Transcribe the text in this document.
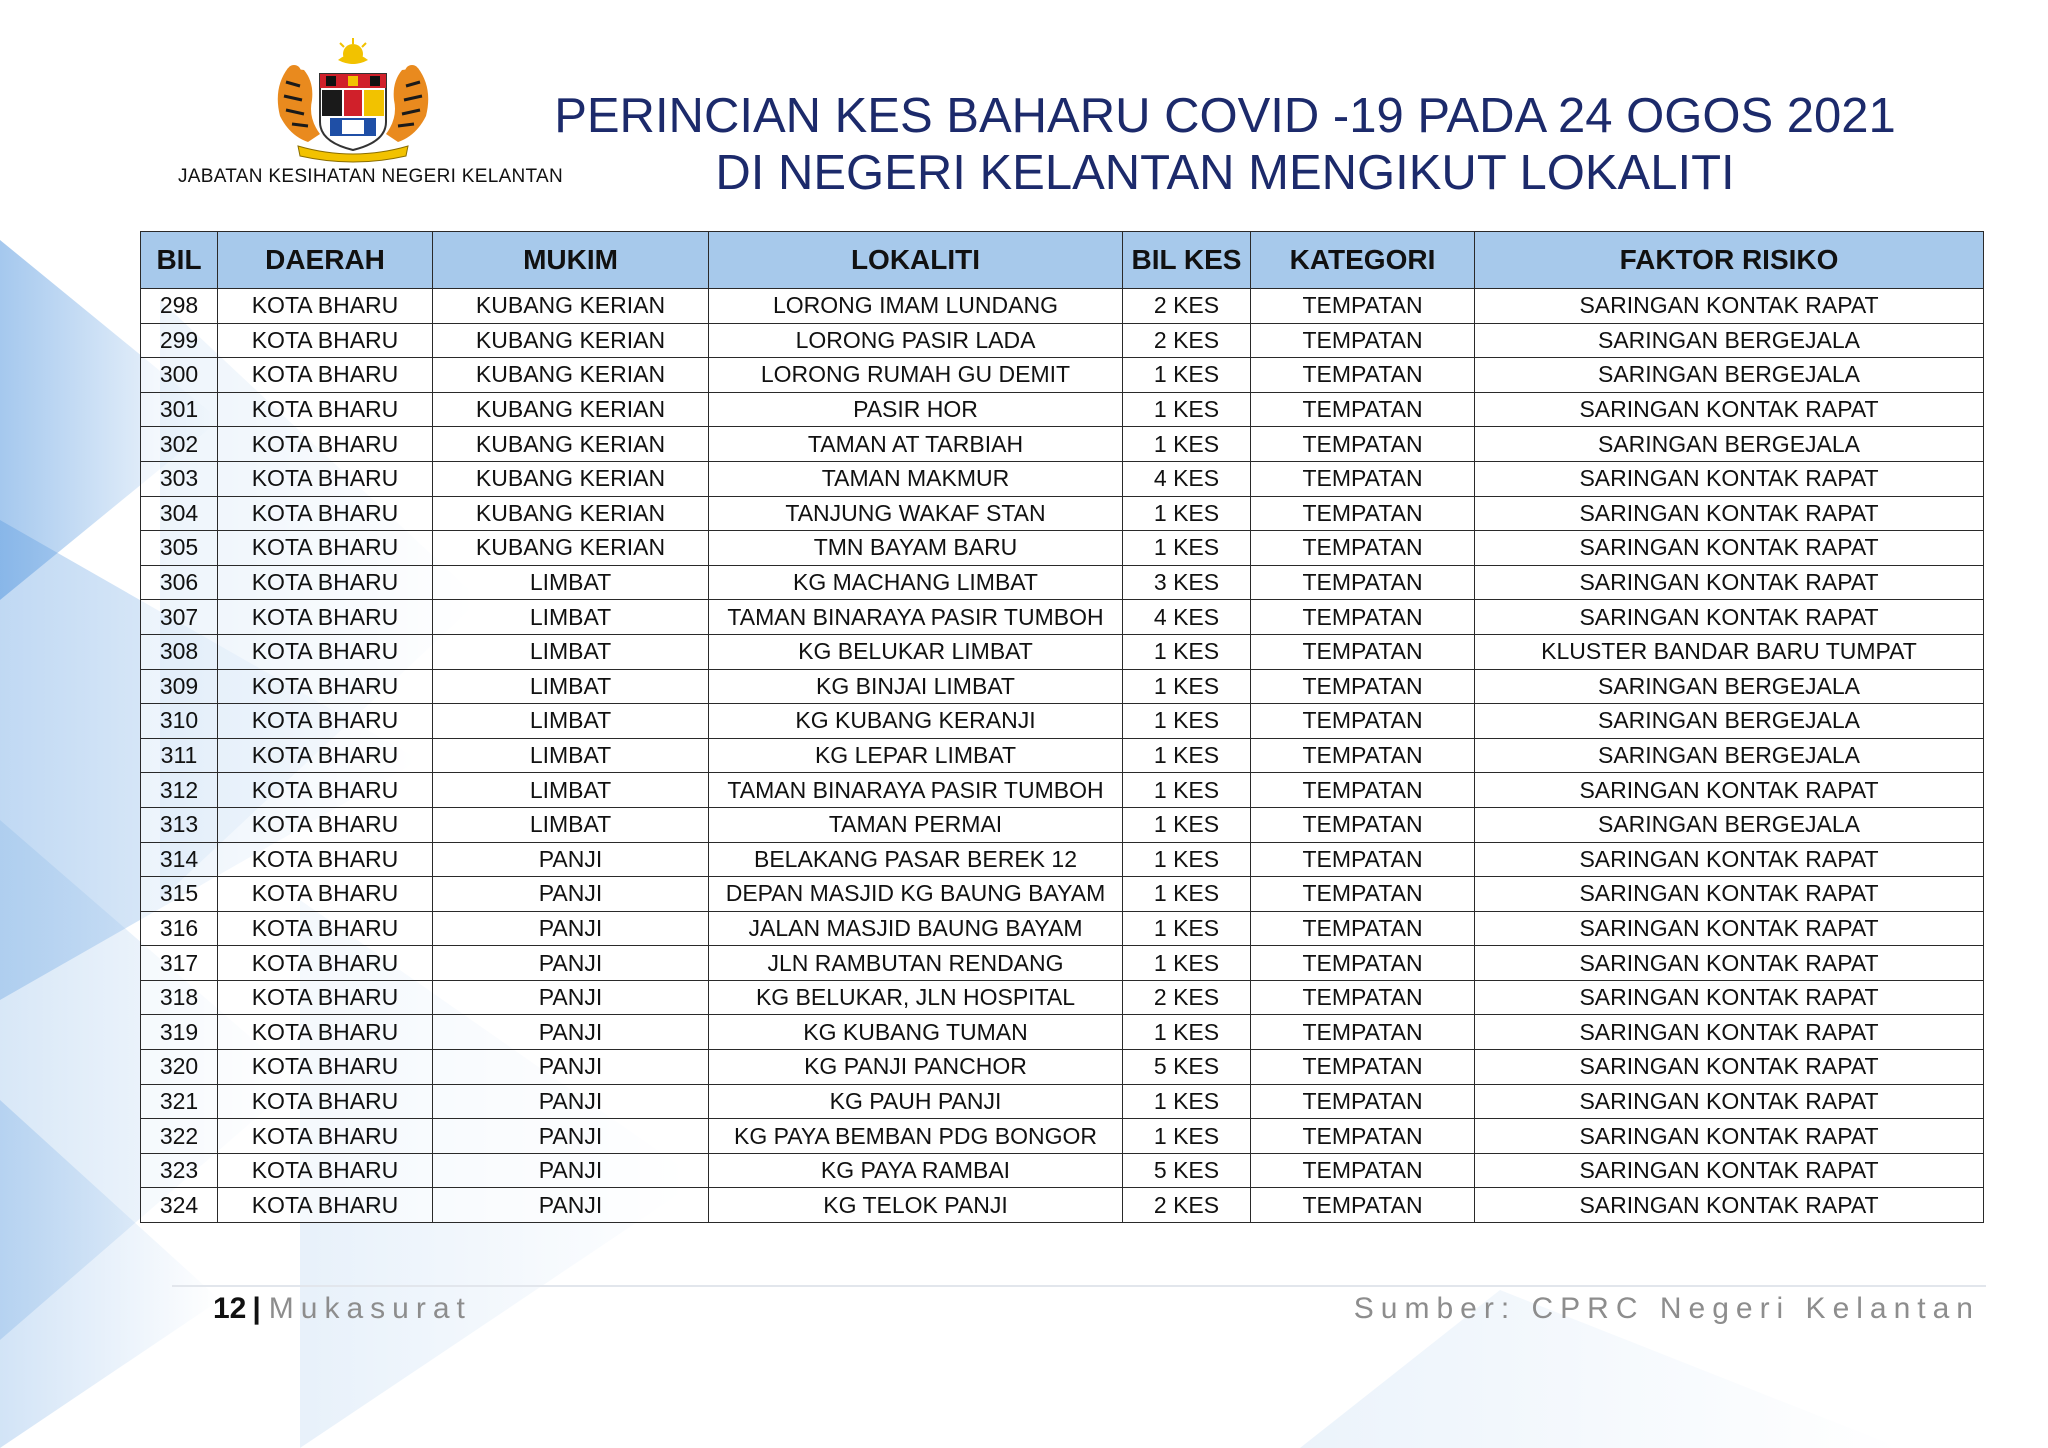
JABATAN KESIHATAN NEGERI KELANTAN
PERINCIAN KES BAHARU COVID -19 PADA 24 OGOS 2021
DI NEGERI KELANTAN MENGIKUT LOKALITI
BIL	DAERAH	MUKIM	LOKALITI	BIL KES	KATEGORI	FAKTOR RISIKO
298	KOTA BHARU	KUBANG KERIAN	LORONG IMAM LUNDANG	2 KES	TEMPATAN	SARINGAN KONTAK RAPAT
299	KOTA BHARU	KUBANG KERIAN	LORONG PASIR LADA	2 KES	TEMPATAN	SARINGAN BERGEJALA
300	KOTA BHARU	KUBANG KERIAN	LORONG RUMAH GU DEMIT	1 KES	TEMPATAN	SARINGAN BERGEJALA
301	KOTA BHARU	KUBANG KERIAN	PASIR HOR	1 KES	TEMPATAN	SARINGAN KONTAK RAPAT
302	KOTA BHARU	KUBANG KERIAN	TAMAN AT TARBIAH	1 KES	TEMPATAN	SARINGAN BERGEJALA
303	KOTA BHARU	KUBANG KERIAN	TAMAN MAKMUR	4 KES	TEMPATAN	SARINGAN KONTAK RAPAT
304	KOTA BHARU	KUBANG KERIAN	TANJUNG WAKAF STAN	1 KES	TEMPATAN	SARINGAN KONTAK RAPAT
305	KOTA BHARU	KUBANG KERIAN	TMN BAYAM BARU	1 KES	TEMPATAN	SARINGAN KONTAK RAPAT
306	KOTA BHARU	LIMBAT	KG MACHANG LIMBAT	3 KES	TEMPATAN	SARINGAN KONTAK RAPAT
307	KOTA BHARU	LIMBAT	TAMAN BINARAYA PASIR TUMBOH	4 KES	TEMPATAN	SARINGAN KONTAK RAPAT
308	KOTA BHARU	LIMBAT	KG BELUKAR LIMBAT	1 KES	TEMPATAN	KLUSTER BANDAR BARU TUMPAT
309	KOTA BHARU	LIMBAT	KG BINJAI LIMBAT	1 KES	TEMPATAN	SARINGAN BERGEJALA
310	KOTA BHARU	LIMBAT	KG KUBANG KERANJI	1 KES	TEMPATAN	SARINGAN BERGEJALA
311	KOTA BHARU	LIMBAT	KG LEPAR LIMBAT	1 KES	TEMPATAN	SARINGAN BERGEJALA
312	KOTA BHARU	LIMBAT	TAMAN BINARAYA PASIR TUMBOH	1 KES	TEMPATAN	SARINGAN KONTAK RAPAT
313	KOTA BHARU	LIMBAT	TAMAN PERMAI	1 KES	TEMPATAN	SARINGAN BERGEJALA
314	KOTA BHARU	PANJI	BELAKANG PASAR BEREK 12	1 KES	TEMPATAN	SARINGAN KONTAK RAPAT
315	KOTA BHARU	PANJI	DEPAN MASJID KG BAUNG BAYAM	1 KES	TEMPATAN	SARINGAN KONTAK RAPAT
316	KOTA BHARU	PANJI	JALAN MASJID BAUNG BAYAM	1 KES	TEMPATAN	SARINGAN KONTAK RAPAT
317	KOTA BHARU	PANJI	JLN RAMBUTAN RENDANG	1 KES	TEMPATAN	SARINGAN KONTAK RAPAT
318	KOTA BHARU	PANJI	KG BELUKAR, JLN HOSPITAL	2 KES	TEMPATAN	SARINGAN KONTAK RAPAT
319	KOTA BHARU	PANJI	KG KUBANG TUMAN	1 KES	TEMPATAN	SARINGAN KONTAK RAPAT
320	KOTA BHARU	PANJI	KG PANJI PANCHOR	5 KES	TEMPATAN	SARINGAN KONTAK RAPAT
321	KOTA BHARU	PANJI	KG PAUH PANJI	1 KES	TEMPATAN	SARINGAN KONTAK RAPAT
322	KOTA BHARU	PANJI	KG PAYA BEMBAN PDG BONGOR	1 KES	TEMPATAN	SARINGAN KONTAK RAPAT
323	KOTA BHARU	PANJI	KG PAYA RAMBAI	5 KES	TEMPATAN	SARINGAN KONTAK RAPAT
324	KOTA BHARU	PANJI	KG TELOK PANJI	2 KES	TEMPATAN	SARINGAN KONTAK RAPAT
12 | Mukasurat	Sumber: CPRC Negeri Kelantan
